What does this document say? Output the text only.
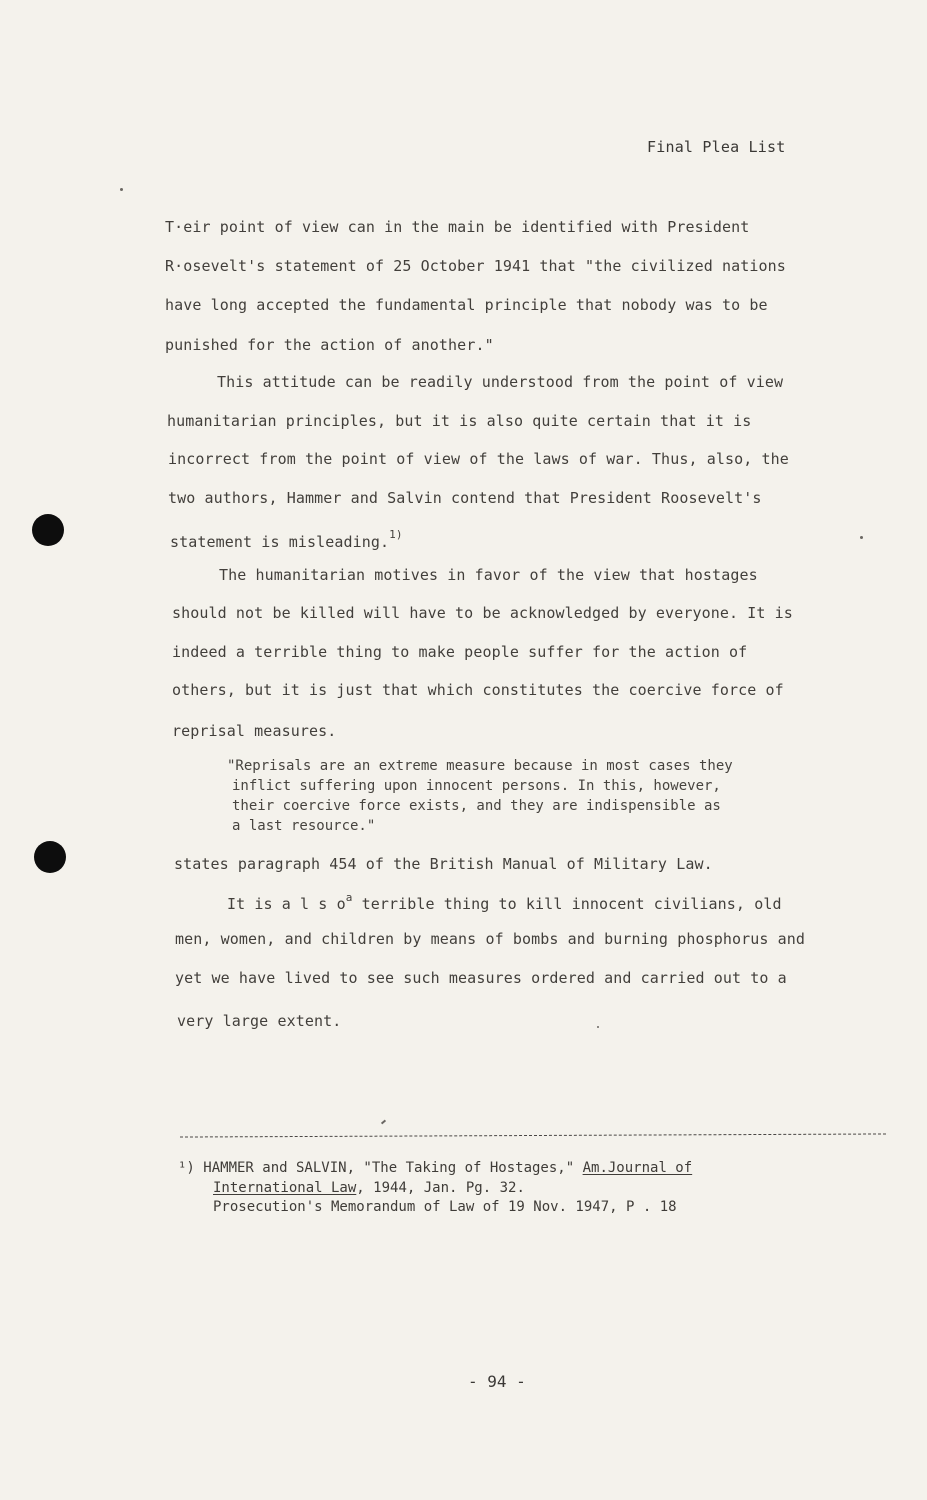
Final Plea List
T·eir point of view can in the main be identified with President
R·osevelt's statement of 25 October 1941 that "the civilized nations
have long accepted the fundamental principle that nobody was to be
punished for the action of another."
This attitude can be readily understood from the point of view
humanitarian principles, but it is also quite certain that it is
incorrect from the point of view of the laws of war. Thus, also, the
two authors, Hammer and Salvin contend that President Roosevelt's
statement is misleading.$^{1)}$
The humanitarian motives in favor of the view that hostages
should not be killed will have to be acknowledged by everyone. It is
indeed a terrible thing to make people suffer for the action of
others, but it is just that which constitutes the coercive force of
reprisal measures.
"Reprisals are an extreme measure because in most cases they
inflict suffering upon innocent persons. In this, however,
their coercive force exists, and they are indispensible as
a last resource."
states paragraph 454 of the British Manual of Military Law.
It is a l s $o^a$ terrible thing to kill innocent civilians, old
men, women, and children by means of bombs and burning phosphorus and
yet we have lived to see such measures ordered and carried out to a
very large extent.
¹) HAMMER and SALVIN, "The Taking of Hostages," Am.Journal of
International Law, 1944, Jan. Pg. 32.
Prosecution's Memorandum of Law of 19 Nov. 1947, P . 18
- 94 -
